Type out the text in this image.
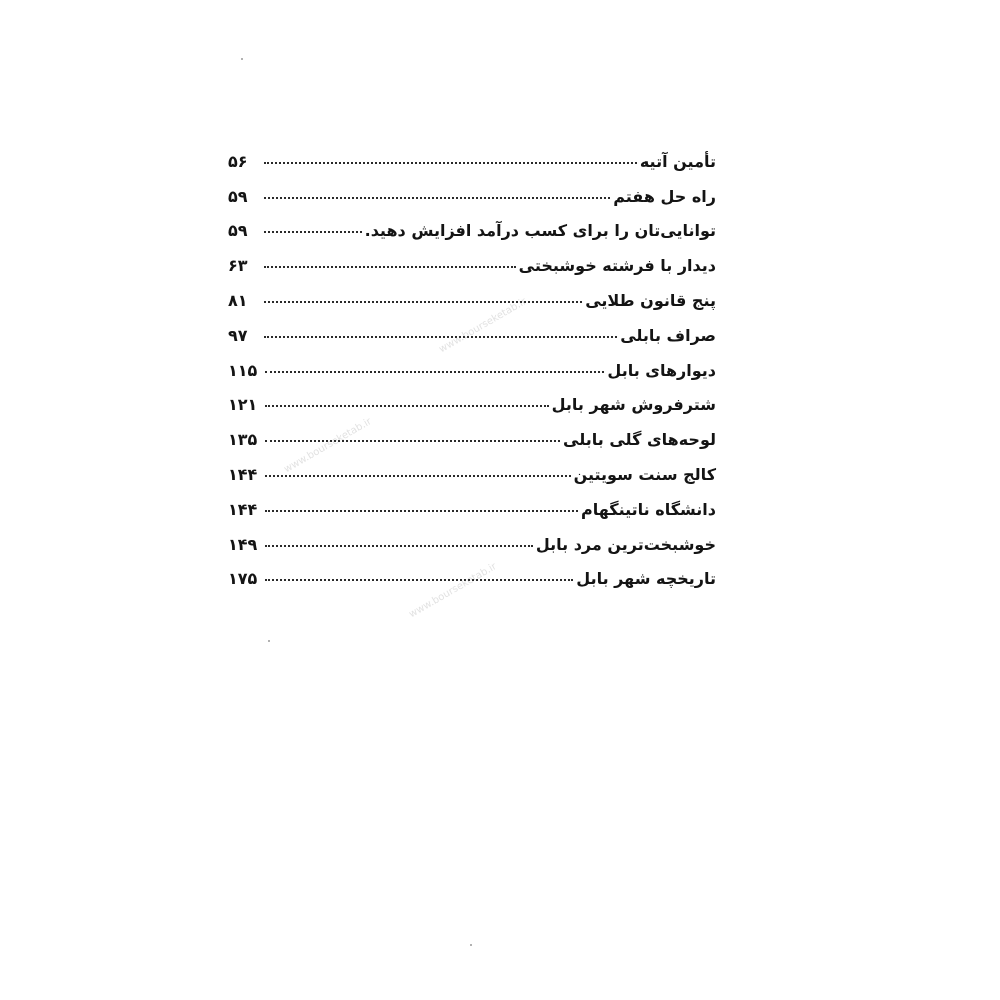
تأمین آتیه
۵۶
راه حل هفتم
۵۹
توانایی‌تان را برای کسب درآمد افزایش دهید.
۵۹
دیدار با فرشته خوشبختی
۶۳
پنج قانون طلایی
۸۱
صراف بابلی
۹۷
دیوارهای بابل
۱۱۵
شترفروش شهر بابل
۱۲۱
لوحه‌های گلی بابلی
۱۳۵
کالج سنت سویتین
۱۴۴
دانشگاه ناتینگهام
۱۴۴
خوشبخت‌ترین مرد بابل
۱۴۹
تاریخچه شهر بابل
۱۷۵
www.bourseketab.ir
www.bourseketab.ir
www.bourseketab.ir
